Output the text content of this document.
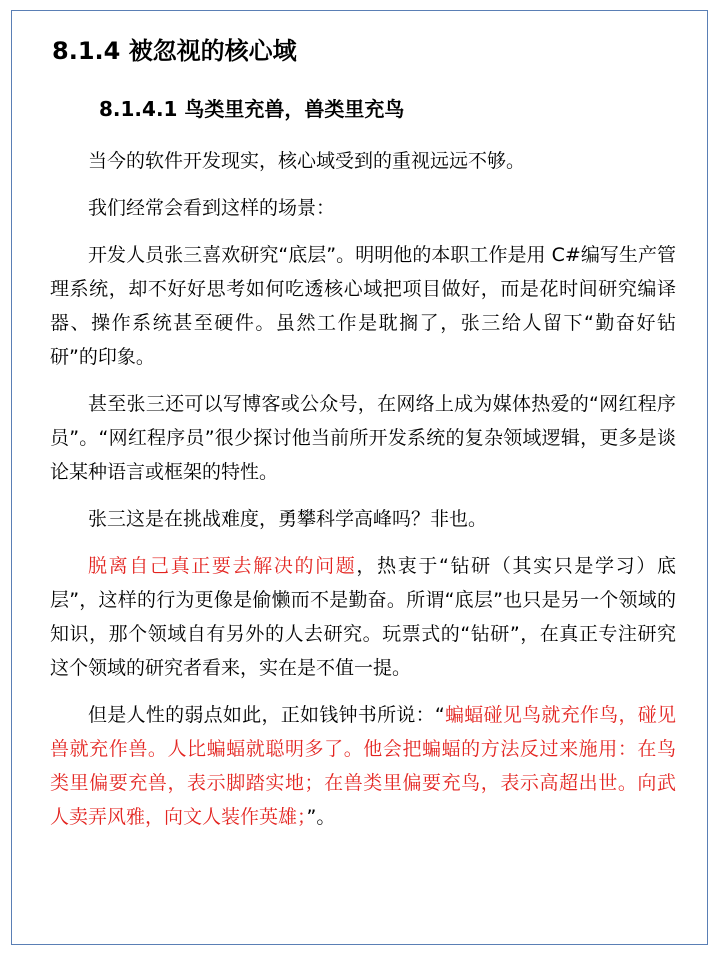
8.1.4 被忽视的核心域
8.1.4.1 鸟类里充兽，兽类里充鸟

当今的软件开发现实，核心域受到的重视远远不够。

我们经常会看到这样的场景：

开发人员张三喜欢研究“底层”。明明他的本职工作是用 C#编写生产管理系统，却不好好思考如何吃透核心域把项目做好，而是花时间研究编译器、操作系统甚至硬件。虽然工作是耽搁了，张三给人留下“勤奋好钻研”的印象。

甚至张三还可以写博客或公众号，在网络上成为媒体热爱的“网红程序员”。“网红程序员”很少探讨他当前所开发系统的复杂领域逻辑，更多是谈论某种语言或框架的特性。

张三这是在挑战难度，勇攀科学高峰吗？非也。

脱离自己真正要去解决的问题，热衷于“钻研（其实只是学习）底层”，这样的行为更像是偷懒而不是勤奋。所谓“底层”也只是另一个领域的知识，那个领域自有另外的人去研究。玩票式的“钻研”，在真正专注研究这个领域的研究者看来，实在是不值一提。

但是人性的弱点如此，正如钱钟书所说：“蝙蝠碰见鸟就充作鸟，碰见兽就充作兽。人比蝙蝠就聪明多了。他会把蝙蝠的方法反过来施用：在鸟类里偏要充兽，表示脚踏实地；在兽类里偏要充鸟，表示高超出世。向武人卖弄风雅，向文人装作英雄；”。
